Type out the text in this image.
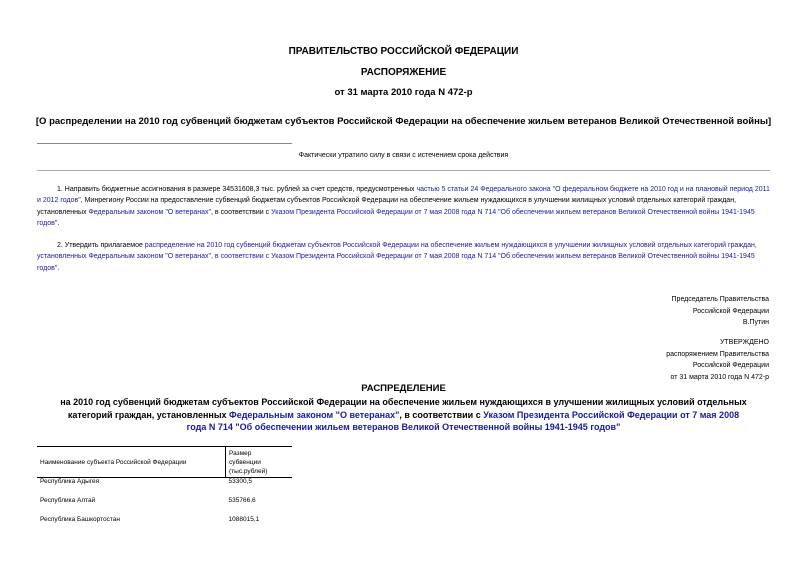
ПРАВИТЕЛЬСТВО РОССИЙСКОЙ ФЕДЕРАЦИИ
РАСПОРЯЖЕНИЕ
от 31 марта 2010 года N 472-р
[О распределении на 2010 год субвенций бюджетам субъектов Российской Федерации на обеспечение жильем ветеранов Великой Отечественной войны]
Фактически утратило силу в связи с истечением срока действия
1. Направить бюджетные ассигнования в размере 34531608,3 тыс. рублей за счет средств, предусмотренных частью 5 статьи 24 Федерального закона "О федеральном бюджете на 2010 год и на плановый период 2011 и 2012 годов", Минрегиону России на предоставление субвенций бюджетам субъектов Российской Федерации на обеспечение жильем нуждающихся в улучшении жилищных условий отдельных категорий граждан, установленных Федеральным законом "О ветеранах", в соответствии с Указом Президента Российской Федерации от 7 мая 2008 года N 714 "Об обеспечении жильем ветеранов Великой Отечественной войны 1941-1945 годов".
2. Утвердить прилагаемое распределение на 2010 год субвенций бюджетам субъектов Российской Федерации на обеспечение жильем нуждающихся в улучшении жилищных условий отдельных категорий граждан, установленных Федеральным законом "О ветеранах", в соответствии с Указом Президента Российской Федерации от 7 мая 2008 года N 714 "Об обеспечении жильем ветеранов Великой Отечественной войны 1941-1945 годов".
Председатель Правительства
Российской Федерации
В.Путин
УТВЕРЖДЕНО
распоряжением Правительства
Российской Федерации
от 31 марта 2010 года N 472-р
РАСПРЕДЕЛЕНИЕ
на 2010 год субвенций бюджетам субъектов Российской Федерации на обеспечение жильем нуждающихся в улучшении жилищных условий отдельных категорий граждан, установленных Федеральным законом "О ветеранах", в соответствии с Указом Президента Российской Федерации от 7 мая 2008 года N 714 "Об обеспечении жильем ветеранов Великой Отечественной войны 1941-1945 годов"
Наименование субъекта Российской Федерации	Размер
субвенции
(тыс.рублей)

Республика Адыгея	53300,5
Республика Алтай	535766,6
Республика Башкортостан	1088015,1
